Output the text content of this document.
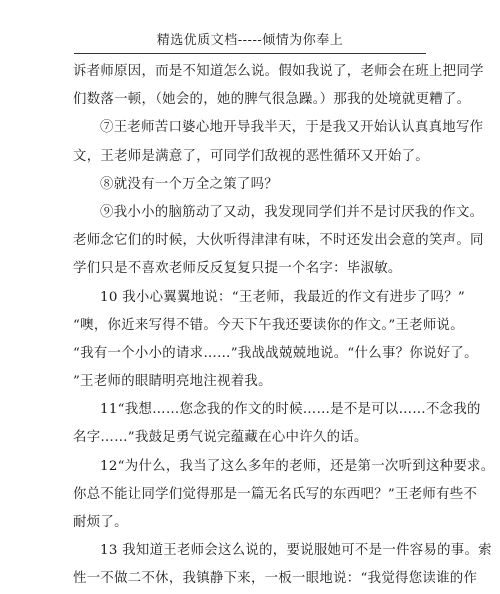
精选优质文档-----倾情为你奉上
诉者师原因，而是不知道怎么说。假如我说了，老师会在班上把同学
们数落一顿，（她会的，她的脾气很急躁。）那我的处境就更糟了。
⑦王老师苦口婆心地开导我半天，于是我又开始认认真真地写作
文，王老师是满意了，可同学们敌视的恶性循环又开始了。
⑧就没有一个万全之策了吗？
⑨我小小的脑筋动了又动，我发现同学们并不是讨厌我的作文。
老师念它们的时候，大伙听得津津有味，不时还发出会意的笑声。同
学们只是不喜欢老师反反复复只提一个名字：毕淑敏。
10 我小心翼翼地说：“王老师，我最近的作文有进步了吗？”
“噢，你近来写得不错。今天下午我还要读你的作文。”王老师说。
“我有一个小小的请求……”我战战兢兢地说。“什么事？你说好了。
”王老师的眼睛明亮地注视着我。
11“我想……您念我的作文的时候……是不是可以……不念我的
名字……”我鼓足勇气说完蕴藏在心中许久的话。
12“为什么，我当了这么多年的老师，还是第一次听到这种要求。
你总不能让同学们觉得那是一篇无名氏写的东西吧？”王老师有些不
耐烦了。
13 我知道王老师会这么说的，要说服她可不是一件容易的事。索
性一不做二不休，我镇静下来，一板一眼地说：“我觉得您读谁的作
